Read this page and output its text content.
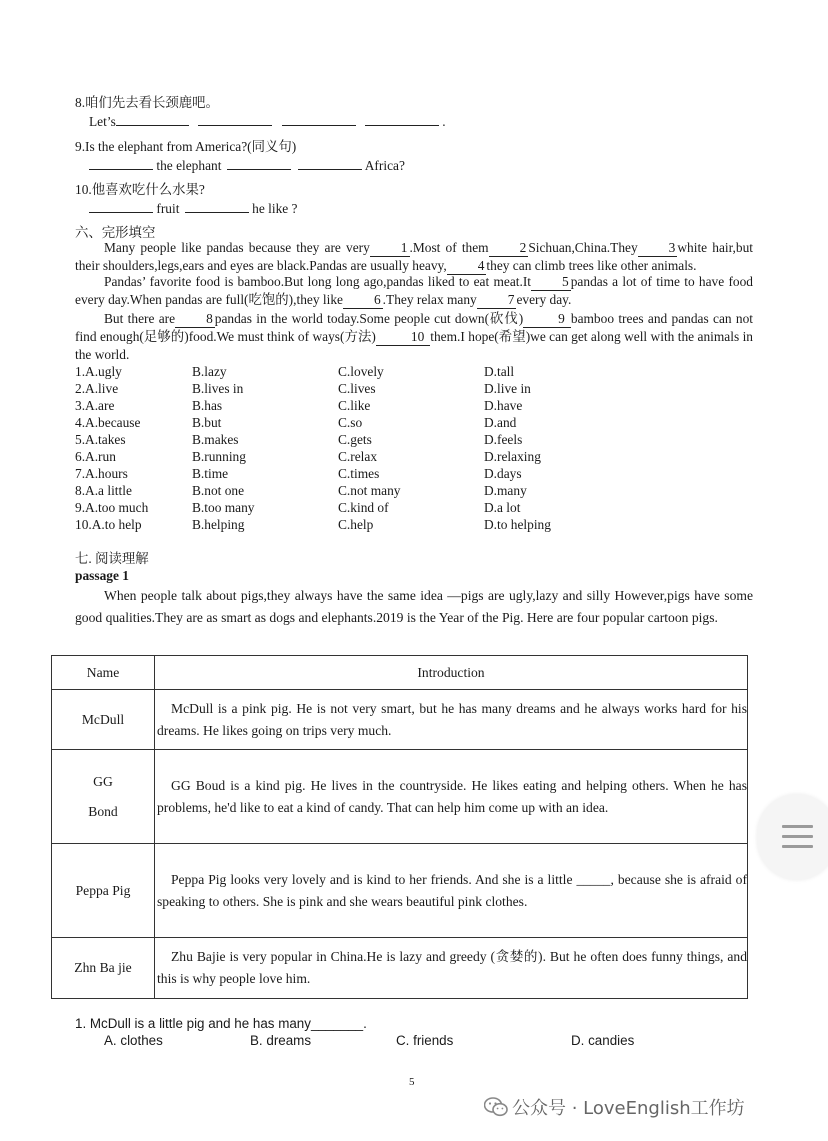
8.咱们先去看长颈鹿吧。
Let’s	.
9.Is the elephant from America?(同义句)
the elephant	Africa?
10.他喜欢吃什么水果?
fruit	he like ?
六、完形填空
Many people like pandas because they are very 1 .Most of them 2 Sichuan,China.They 3 white hair,but their shoulders,legs,ears and eyes are black.Pandas are usually heavy, 4 they can climb trees like other animals.
Pandas’ favorite food is bamboo.But long long ago,pandas liked to eat meat.It 5 pandas a lot of time to have food every day.When pandas are full(吃饱的),they like 6 .They relax many 7 every day.
But there are 8 pandas in the world today.Some people cut down(砍伐)	9 bamboo trees and pandas can not find enough(足够的)food.We must think of ways(方法)	10 them.I hope(希望)we can get along well with the animals in the world.
1.A.ugly	B.lazy	C.lovely	D.tall
2.A.live	B.lives in	C.lives	D.live in
3.A.are	B.has	C.like	D.have
4.A.because	B.but	C.so	D.and
5.A.takes	B.makes	C.gets	D.feels
6.A.run	B.running	C.relax	D.relaxing
7.A.hours	B.time	C.times	D.days
8.A.a little	B.not one	C.not many	D.many
9.A.too much	B.too many	C.kind of	D.a lot
10.A.to help	B.helping	C.help	D.to helping
七. 阅读理解
passage 1
When people talk about pigs,they always have the same idea —pigs are ugly,lazy and silly However,pigs have some good qualities.They are as smart as dogs and elephants.2019 is the Year of the Pig. Here are four popular cartoon pigs.
Name	Introduction
McDull	McDull is a pink pig. He is not very smart, but he has many dreams and he always works hard for his dreams. He likes going on trips very much.

GG
Bond	GG Boud is a kind pig. He lives in the countryside. He likes eating and helping others. When he has problems, he'd like to eat a kind of candy. That can help him come up with an idea.
Peppa Pig	Peppa Pig looks very lovely and is kind to her friends. And she is a little _____, because she is afraid of speaking to others. She is pink and she wears beautiful pink clothes.
Zhn Ba jie	Zhu Bajie is very popular in China.He is lazy and greedy (贪婪的). But he often does funny things, and this is why people love him.
1. McDull is a little pig and he has many_______.
A. clothes	B. dreams	C. friends	D. candies
5
公众号 · LoveEnglish工作坊
